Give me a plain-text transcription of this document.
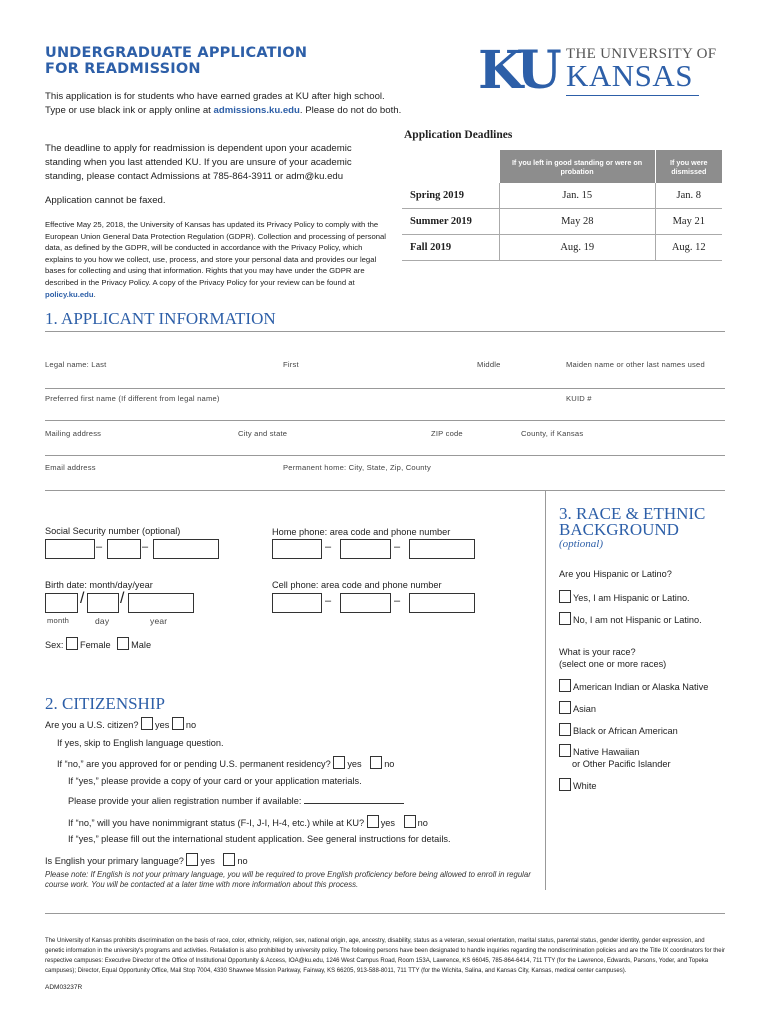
UNDERGRADUATE APPLICATION
FOR READMISSION
This application is for students who have earned grades at KU after high school. Type or use black ink or apply online at admissions.ku.edu. Please do not do both.
The deadline to apply for readmission is dependent upon your academic standing when you last attended KU. If you are unsure of your academic standing, please contact Admissions at 785-864-3911 or adm@ku.edu
Application cannot be faxed.
Effective May 25, 2018, the University of Kansas has updated its Privacy Policy to comply with the European Union General Data Protection Regulation (GDPR). Collection and processing of personal data, as defined by the GDPR, will be conducted in accordance with the Privacy Policy, which explains to you how we collect, use, process, and store your personal data and provides our legal bases for collecting and using that information. Rights that you may have under the GDPR are described in the Privacy Policy. A copy of the Privacy Policy for your review can be found at policy.ku.edu.
KU THE UNIVERSITY OF
KANSAS
Application Deadlines
	If you left in good standing or were on probation	If you were dismissed
Spring 2019	Jan. 15	Jan. 8
Summer 2019	May 28	May 21
Fall 2019	Aug. 19	Aug. 12
1. APPLICANT INFORMATION
Legal name: Last	First	Middle	Maiden name or other last names used
Preferred first name (If different from legal name)	KUID #
Mailing address	City and state	ZIP code	County, if Kansas
Email address	Permanent home: City, State, Zip, County
Social Security number (optional)
–	–
Home phone: area code and phone number
–	–
Birth date: month/day/year
/ /
month	day	year
Cell phone: area code and phone number
–	–
Sex: Female Male
2. CITIZENSHIP
Are you a U.S. citizen? yes no
If yes, skip to English language question.
If “no,” are you approved for or pending U.S. permanent residency? yes no
If “yes,” please provide a copy of your card or your application materials.
Please provide your alien registration number if available:
If “no,” will you have nonimmigrant status (F-I, J-I, H-4, etc.) while at KU? yes no
If “yes,” please fill out the international student application. See general instructions for details.
Is English your primary language? yes no
Please note: If English is not your primary language, you will be required to prove English proficiency before being allowed to enroll in regular course work. You will be contacted at a later time with more information about this process.
3. RACE & ETHNIC
BACKGROUND
(optional)
Are you Hispanic or Latino?
Yes, I am Hispanic or Latino.
No, I am not Hispanic or Latino.
What is your race?
(select one or more races)
American Indian or Alaska Native
Asian
Black or African American
Native Hawaiian
or Other Pacific Islander
White
The University of Kansas prohibits discrimination on the basis of race, color, ethnicity, religion, sex, national origin, age, ancestry, disability, status as a veteran, sexual orientation, marital status, parental status, gender identity, gender expression, and genetic information in the university's programs and activities. Retaliation is also prohibited by university policy. The following persons have been designated to handle inquiries regarding the nondiscrimination policies and are the Title IX coordinators for their respective campuses: Executive Director of the Office of Institutional Opportunity & Access, IOA@ku.edu, 1246 West Campus Road, Room 153A, Lawrence, KS 66045, 785-864-6414, 711 TTY (for the Lawrence, Edwards, Parsons, Yoder, and Topeka campuses); Director, Equal Opportunity Office, Mail Stop 7004, 4330 Shawnee Mission Parkway, Fairway, KS 66205, 913-588-8011, 711 TTY (for the Wichita, Salina, and Kansas City, Kansas, medical center campuses).
ADM03237R
